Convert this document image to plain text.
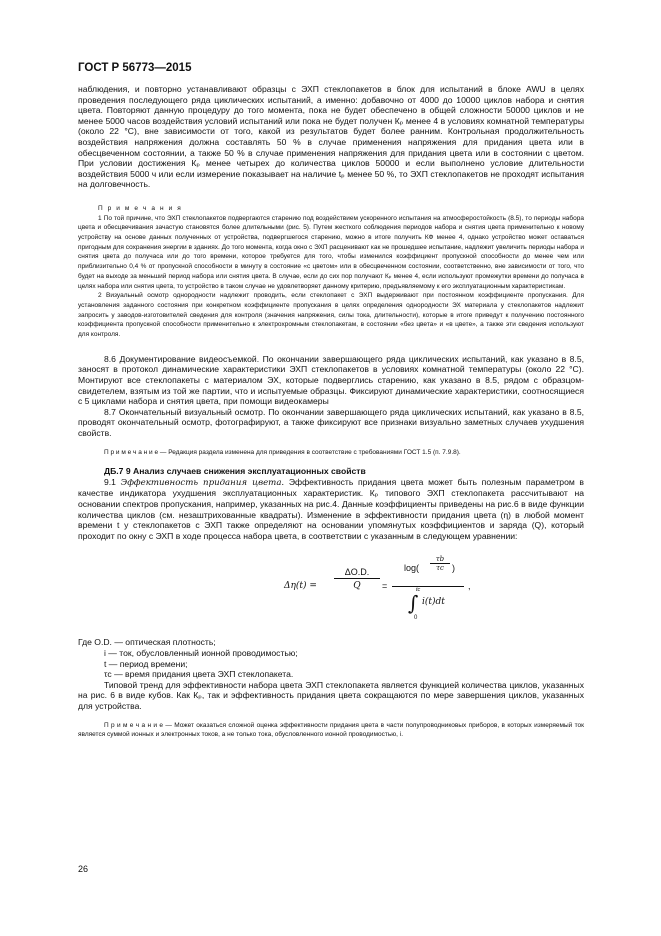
ГОСТ Р 56773—2015

наблюдения, и повторно устанавливают образцы с ЭХП стеклопакетов в блок для испытаний в блоке AWU в целях проведения последующего ряда циклических испытаний, а именно: добавочно от 4000 до 10000 циклов набора и снятия цвета. Повторяют данную процедуру до того момента, пока не будет обеспечено в общей сложности 50000 циклов и не менее 5000 часов воздействия условий испытаний или пока не будет получен Кₚ менее 4 в условиях комнатной температуры (около 22 °С), вне зависимости от того, какой из результатов будет более ранним. Контрольная продолжительность воздействия напряжения должна составлять 50 % в случае применения напряжения для придания цвета или в обесцвеченном состоянии, а также 50 % в случае применения напряжения для придания цвета или в состоянии с цветом. При условии достижения Кₚ менее четырех до количества циклов 50000 и если выполнено условие длительности воздействия 5000 ч или если измерение показывает на наличие tₚ менее 50 %, то ЭХП стеклопакетов не проходят испытания на долговечность.

П р и м е ч а н и я

1 По той причине, что ЭХП стеклопакетов подвергаются старению под воздействием ускоренного испытания на атмосферостойкость (8.5), то периоды набора цвета и обесцвечивания зачастую становятся более длительными (рис. 5). Путем жесткого соблюдения периодов набора и снятия цвета применительно к новому устройству на основе данных полученных от устройства, подвергшегося старению, можно в итоге получить КФ менее 4, однако устройство может оставаться пригодным для сохранения энергии в зданиях. До того момента, когда окно с ЭХП расценивают как не прошедшее испытание, надлежит увеличить периоды набора и снятия цвета до получаса или до того времени, которое требуется для того, чтобы изменился коэффициент пропускной способности до менее чем или приблизительно 0,4 % от пропускной способности в минуту в состояние «с цветом» или в обесцвеченном состоянии, соответственно, вне зависимости от того, что будет на выходе за меньший период набора или снятия цвета. В случае, если до сих пор получают Кₚ менее 4, если используют промежутки времени до получаса в целях набора или снятия цвета, то устройство в таком случае не удовлетворяет данному критерию, предъявляемому к его эксплуатационным характеристикам.

2 Визуальный осмотр однородности надлежит проводить, если стеклопакет с ЭХП выдерживают при постоянном коэффициенте пропускания. Для установления заданного состояния при конкретном коэффициенте пропускания в целях определения однородности ЭХ материала у стеклопакетов надлежит запросить у заводов-изготовителей сведения для контроля (значения напряжения, силы тока, длительности), которые в итоге приведут к получению постоянного коэффициента пропускной способности применительно к электрохромным стеклопакетам, в состоянии «без цвета» и «в цвете», а также эти сведения используют для контроля.

8.6 Документирование видеосъемкой. По окончании завершающего ряда циклических испытаний, как указано в 8.5, заносят в протокол динамические характеристики ЭХП стеклопакетов в условиях комнатной температуры (около 22 °С). Монтируют все стеклопакеты с материалом ЭХ, которые подверглись старению, как указано в 8.5, рядом с образцом-свидетелем, взятым из той же партии, что и испытуемые образцы. Фиксируют динамические характеристики, соотносящиеся с 5 циклами набора и снятия цвета, при помощи видеокамеры

8.7 Окончательный визуальный осмотр. По окончании завершающего ряда циклических испытаний, как указано в 8.5, проводят окончательный осмотр, фотографируют, а также фиксируют все признаки визуально заметных случаев ухудшения свойств.

П р и м е ч а н и е — Редакция раздела изменена для приведения в соответствие с требованиями ГОСТ 1.5 (п. 7.9.8).

ДБ.7 9 Анализ случаев снижения эксплуатационных свойств

9.1 Эффективность придания цвета. Эффективность придания цвета может быть полезным параметром в качестве индикатора ухудшения эксплуатационных характеристик. Кₚ типового ЭХП стеклопакета рассчитывают на основании спектров пропускания, например, указанных на рис.4. Данные коэффициенты приведены на рис.6 в виде функции количества циклов (см. незаштрихованные квадраты). Изменение в эффективности придания цвета (η) в любой момент времени t у стеклопакетов с ЭХП также определяют на основании упомянутых коэффициентов и заряда (Q), который проходит по окну с ЭХП в ходе процесса набора цвета, в соответствии с указанным в следующем уравнении:

$\Delta\eta(t) = \frac{\Delta O.D.}{Q}$ =
log(
τb
τc )
∫
tc
0
i(t)dt
,

Где O.D. — оптическая плотность;

i — ток, обусловленный ионной проводимостью;

t — период времени;

τc — время придания цвета ЭХП стеклопакета.

Типовой тренд для эффективности набора цвета ЭХП стеклопакета является функцией количества циклов, указанных на рис. 6 в виде кубов. Как Кₚ, так и эффективность придания цвета сокращаются по мере завершения циклов, указанных для устройства.

П р и м е ч а н и е — Может оказаться сложной оценка эффективности придания цвета в части полупроводниковых приборов, в которых измеряемый ток является суммой ионных и электронных токов, а не только тока, обусловленного ионной проводимостью, i.

26
